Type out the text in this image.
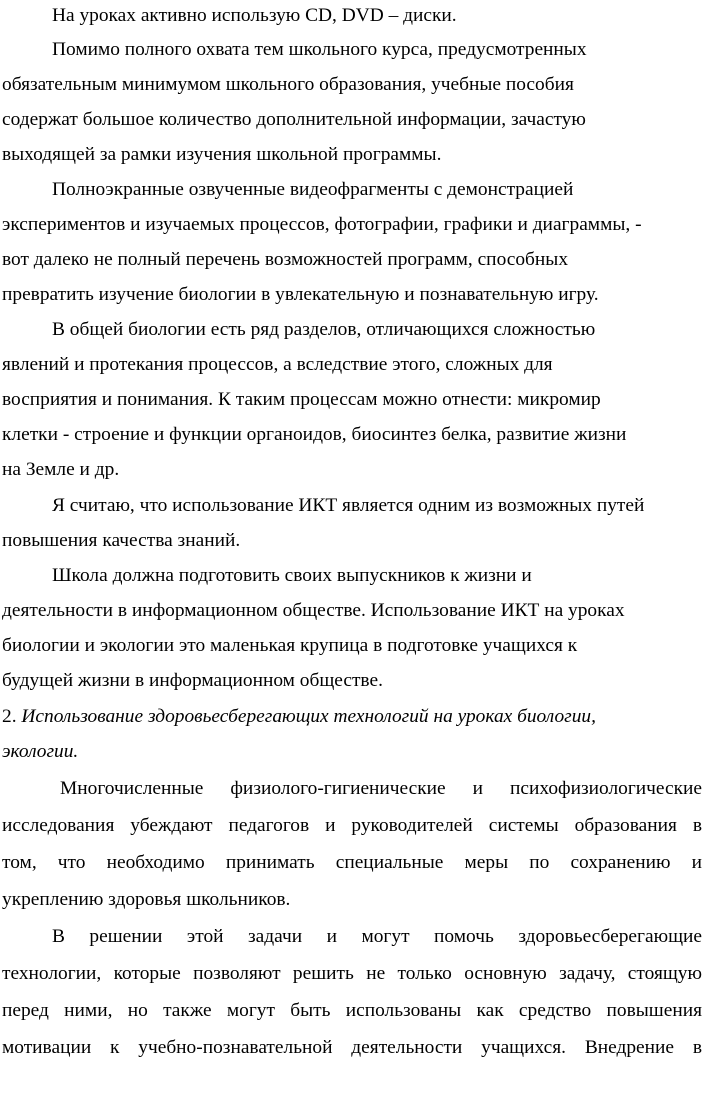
На уроках активно использую CD, DVD – диски.
Помимо полного охвата тем школьного курса, предусмотренных
обязательным минимумом школьного образования, учебные пособия
содержат большое количество дополнительной информации, зачастую
выходящей за рамки изучения школьной программы.
Полноэкранные озвученные видеофрагменты с демонстрацией
экспериментов и изучаемых процессов, фотографии, графики и диаграммы, -
вот далеко не полный перечень возможностей программ, способных
превратить изучение биологии в увлекательную и познавательную игру.
В общей биологии есть ряд разделов, отличающихся сложностью
явлений и протекания процессов, а вследствие этого, сложных для
восприятия и понимания. К таким процессам можно отнести: микромир
клетки - строение и функции органоидов, биосинтез белка, развитие жизни
на Земле и др.
Я считаю, что использование ИКТ является одним из возможных путей
повышения качества знаний.
Школа должна подготовить своих выпускников к жизни и
деятельности в информационном обществе. Использование ИКТ на уроках
биологии и экологии это маленькая крупица в подготовке учащихся к
будущей жизни в информационном обществе.
2. Использование здоровьесберегающих технологий на уроках биологии,
экологии.
Многочисленные физиолого-гигиенические и психофизиологические
исследования убеждают педагогов и руководителей системы образования в
том, что необходимо принимать специальные меры по сохранению и
укреплению здоровья школьников.
В решении этой задачи и могут помочь здоровьесберегающие
технологии, которые позволяют решить не только основную задачу, стоящую
перед ними, но также могут быть использованы как средство повышения
мотивации к учебно-познавательной деятельности учащихся. Внедрение в
